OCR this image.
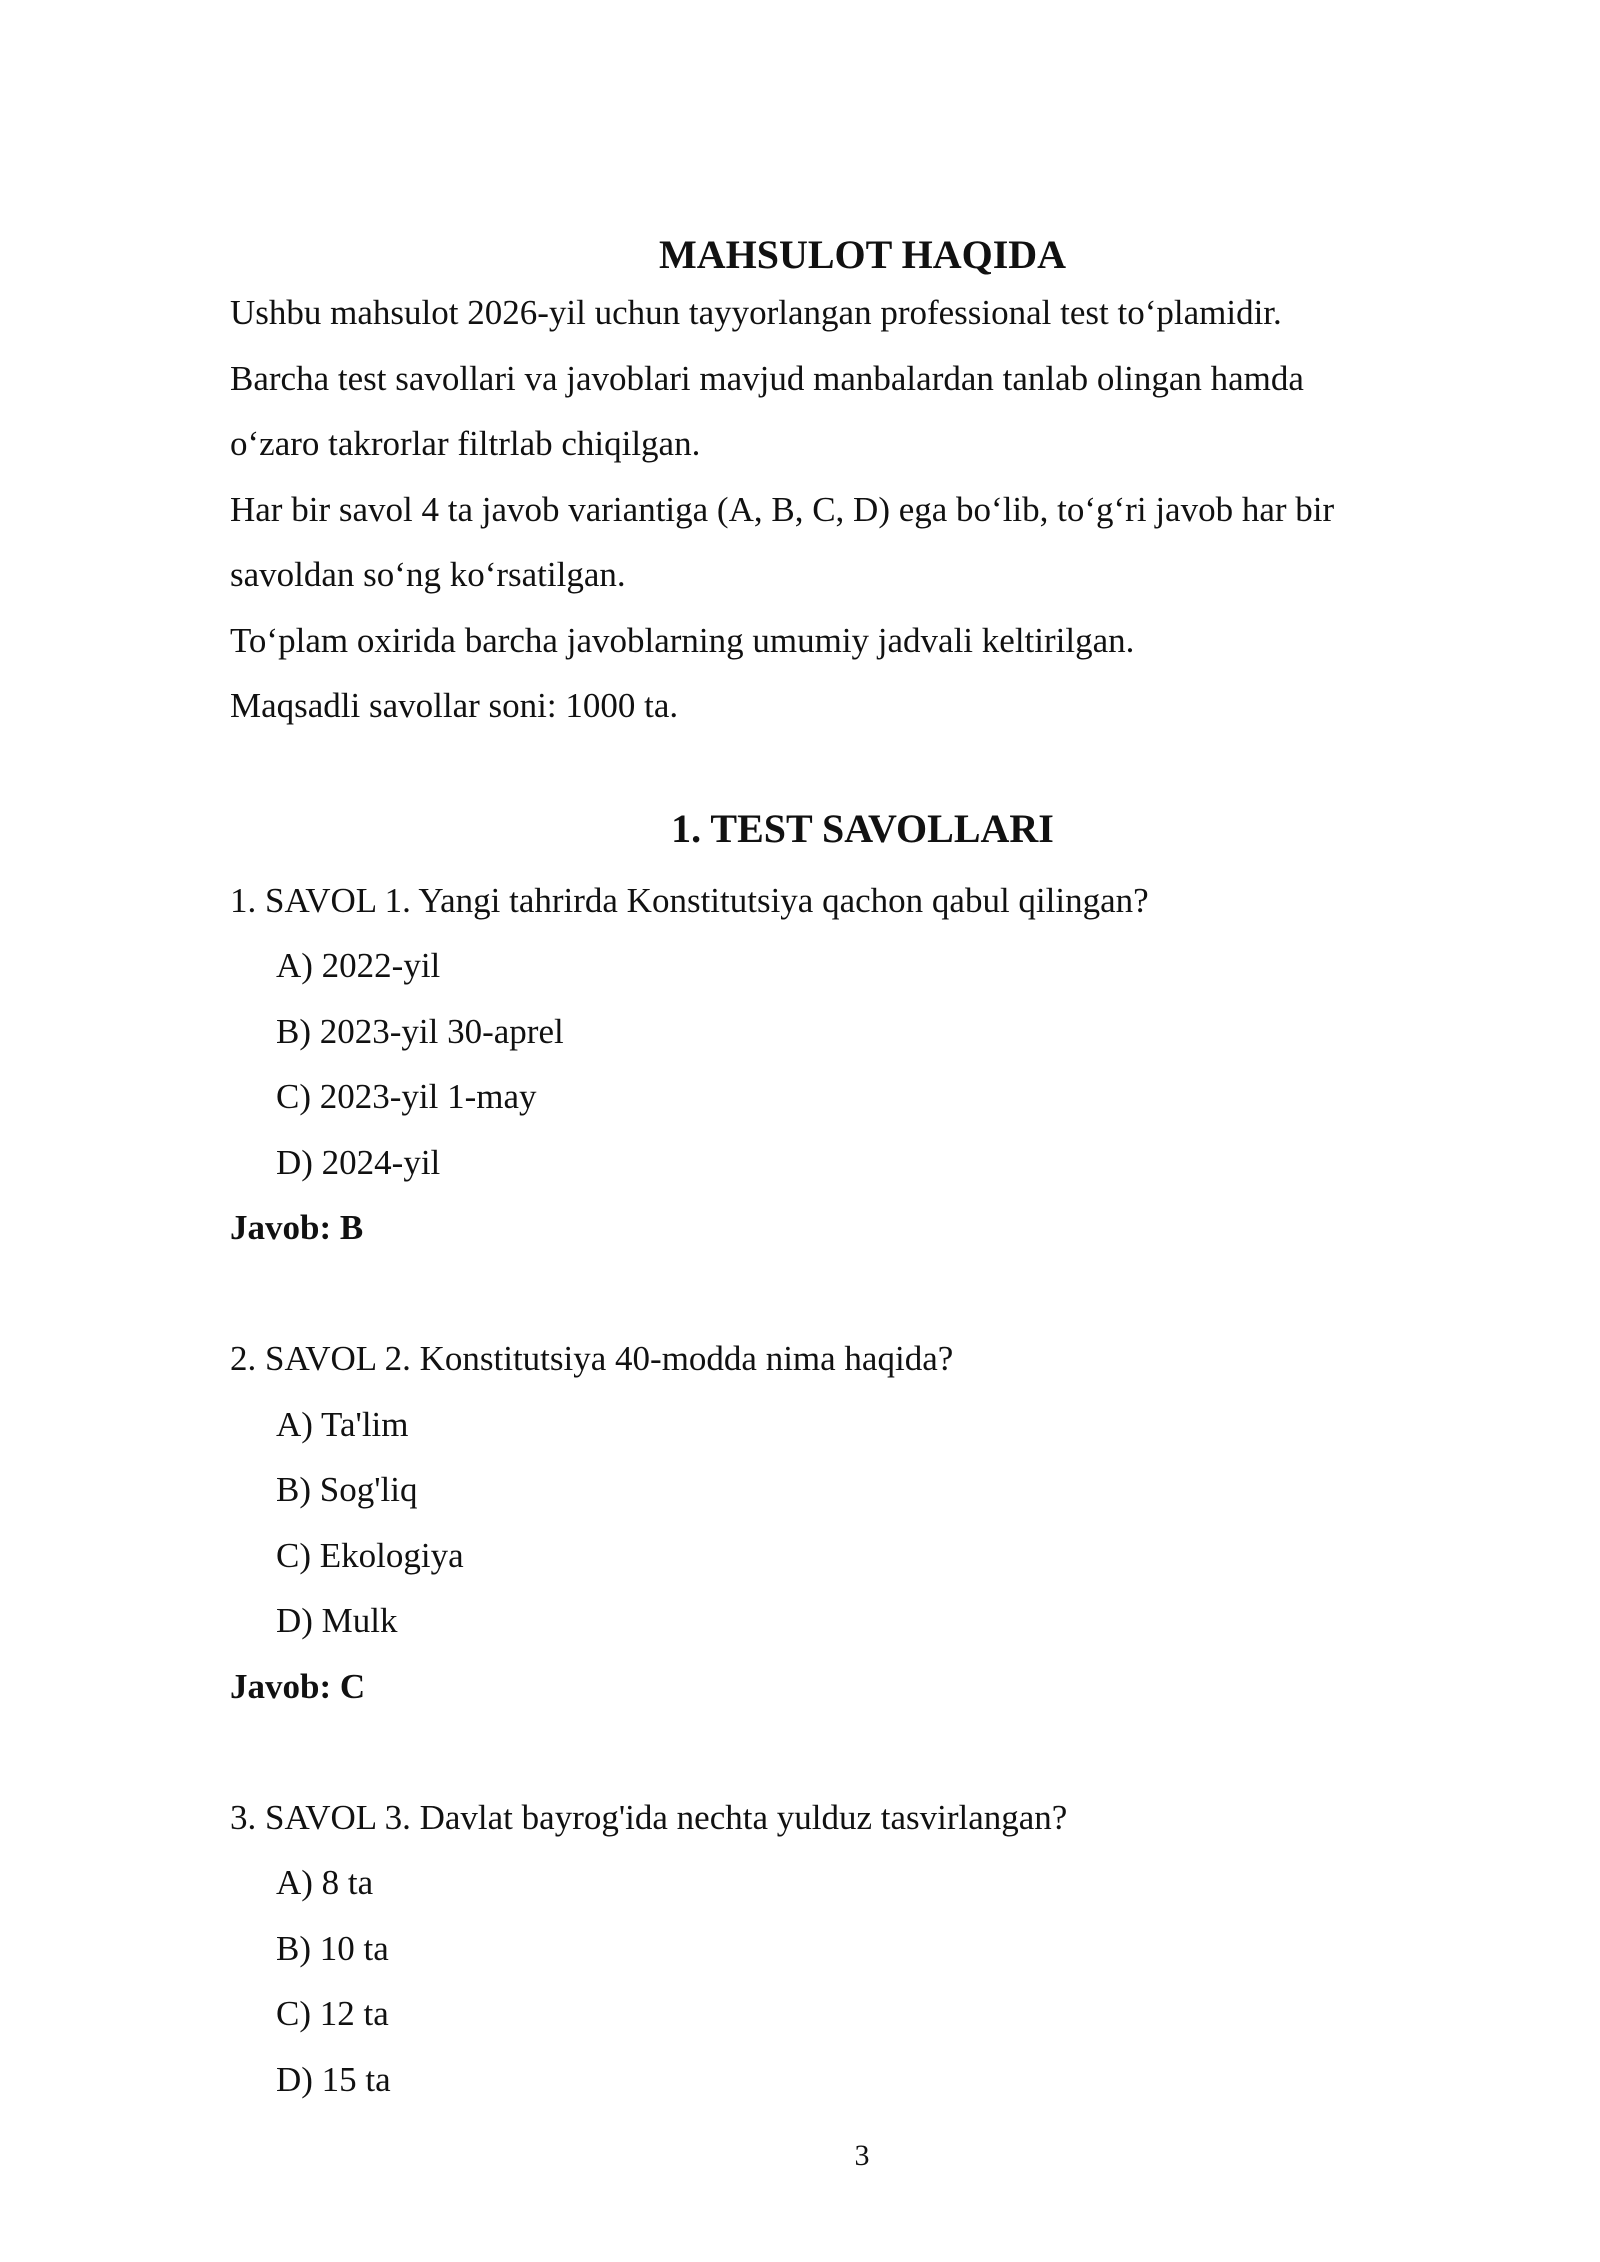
MAHSULOT HAQIDA

Ushbu mahsulot 2026-yil uchun tayyorlangan professional test to‘plamidir.

Barcha test savollari va javoblari mavjud manbalardan tanlab olingan hamda

o‘zaro takrorlar filtrlab chiqilgan.

Har bir savol 4 ta javob variantiga (A, B, C, D) ega bo‘lib, to‘g‘ri javob har bir

savoldan so‘ng ko‘rsatilgan.

To‘plam oxirida barcha javoblarning umumiy jadvali keltirilgan.

Maqsadli savollar soni: 1000 ta.

1. TEST SAVOLLARI

1. SAVOL 1. Yangi tahrirda Konstitutsiya qachon qabul qilingan?

A) 2022-yil

B) 2023-yil 30-aprel

C) 2023-yil 1-may

D) 2024-yil

Javob: B

2. SAVOL 2. Konstitutsiya 40-modda nima haqida?

A) Ta'lim

B) Sog'liq

C) Ekologiya

D) Mulk

Javob: C

3. SAVOL 3. Davlat bayrog'ida nechta yulduz tasvirlangan?

A) 8 ta

B) 10 ta

C) 12 ta

D) 15 ta

3
